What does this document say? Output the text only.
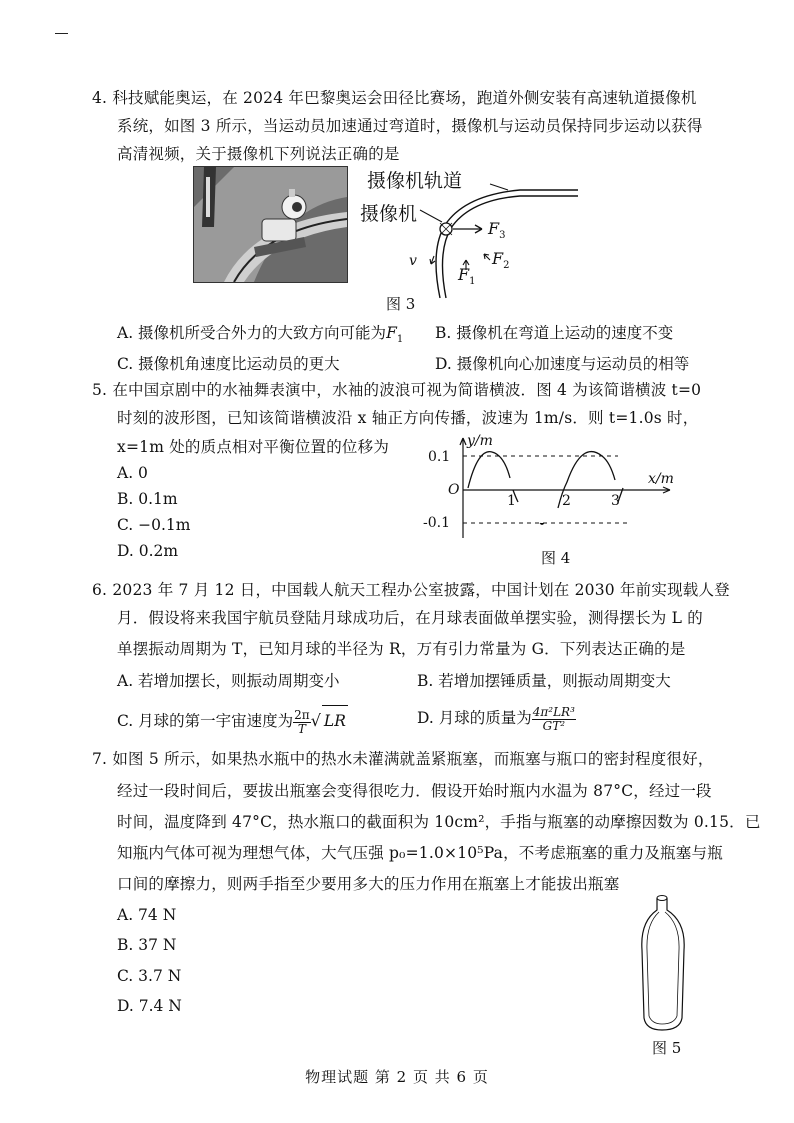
4. 科技赋能奥运，在 2024 年巴黎奥运会田径比赛场，跑道外侧安装有高速轨道摄像机
系统，如图 3 所示，当运动员加速通过弯道时，摄像机与运动员保持同步运动以获得
高清视频，关于摄像机下列说法正确的是
摄像机轨道
摄像机
v
$F_3$
$F_2$
$F_1$
图 3
A. 摄像机所受合外力的大致方向可能为$F_1$ B. 摄像机在弯道上运动的速度不变
C. 摄像机角速度比运动员的更大	D. 摄像机向心加速度与运动员的相等
5. 在中国京剧中的水袖舞表演中，水袖的波浪可视为简谐横波．图 4 为该简谐横波 t=0
时刻的波形图，已知该简谐横波沿 x 轴正方向传播，波速为 1m/s．则 t=1.0s 时，
x=1m 处的质点相对平衡位置的位移为
A. 0
B. 0.1m
C. −0.1m
D. 0.2m
y/m
x/m
O
0.1
-0.1
1	2	3
图 4
6. 2023 年 7 月 12 日，中国载人航天工程办公室披露，中国计划在 2030 年前实现载人登
月．假设将来我国宇航员登陆月球成功后，在月球表面做单摆实验，测得摆长为 L 的
单摆振动周期为 T，已知月球的半径为 R，万有引力常量为 G．下列表达正确的是
A. 若增加摆长，则振动周期变小	B. 若增加摆锤质量，则振动周期变大
C. 月球的第一宇宙速度为 $\frac{2\pi}{T}$ √ LR	D. 月球的质量为 $\frac{\text{4π²LR³}}{\text{GT²}}$
7. 如图 5 所示，如果热水瓶中的热水未灌满就盖紧瓶塞，而瓶塞与瓶口的密封程度很好，
经过一段时间后，要拔出瓶塞会变得很吃力．假设开始时瓶内水温为 87°C，经过一段
时间，温度降到 47°C，热水瓶口的截面积为 10cm²，手指与瓶塞的动摩擦因数为 0.15．已
知瓶内气体可视为理想气体，大气压强 p₀=1.0×10⁵Pa，不考虑瓶塞的重力及瓶塞与瓶
口间的摩擦力，则两手指至少要用多大的压力作用在瓶塞上才能拔出瓶塞
A. 74 N
B. 37 N
C. 3.7 N
D. 7.4 N
图 5
物理试题 第 2 页 共 6 页
